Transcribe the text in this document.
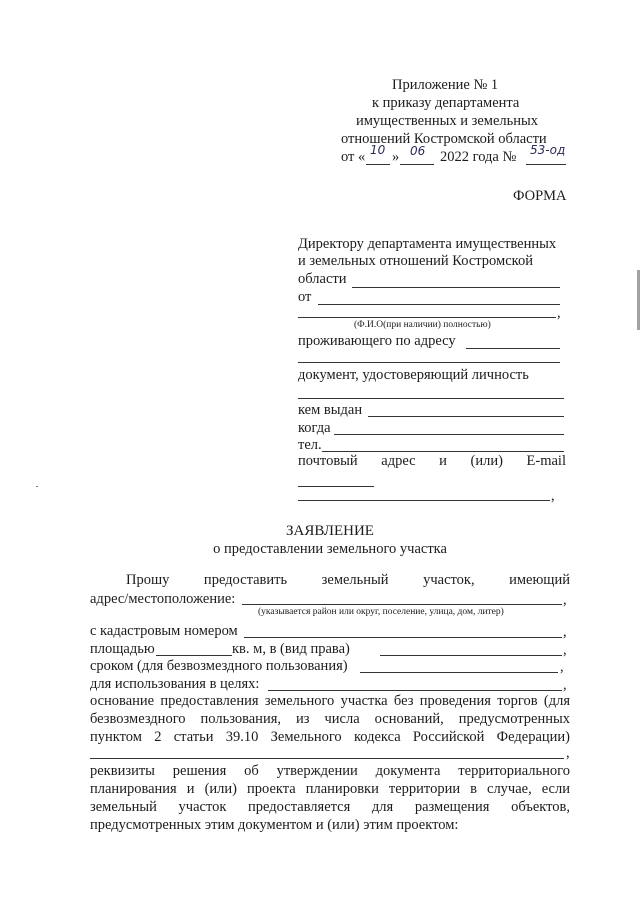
Приложение № 1
к приказу департамента
имущественных и земельных
отношений Костромской области
от « 10 » 06 2022 года № 53-од
ФОРМА
Директору департамента имущественных
и земельных отношений Костромской
области
от
,
(Ф.И.О(при наличии) полностью)
проживающего по адресу
документ, удостоверяющий личность
кем выдан
когда
тел.
почтовый адрес и (или) E-mail
,
ЗАЯВЛЕНИЕ
о предоставлении земельного участка
Прошу предоставить земельный участок, имеющий
адрес/местоположение:	,
(указывается район или округ, поселение, улица, дом, литер)
с кадастровым номером	,
площадью	кв. м, в (вид права)	,
сроком (для безвозмездного пользования)	,
для использования в целях:	,
основание предоставления земельного участка без проведения торгов (для
безвозмездного пользования, из числа оснований, предусмотренных
пунктом 2 статьи 39.10 Земельного кодекса Российской Федерации)
,
реквизиты решения об утверждении документа территориального
планирования и (или) проекта планировки территории в случае, если
земельный участок предоставляется для размещения объектов,
предусмотренных этим документом и (или) этим проектом:
